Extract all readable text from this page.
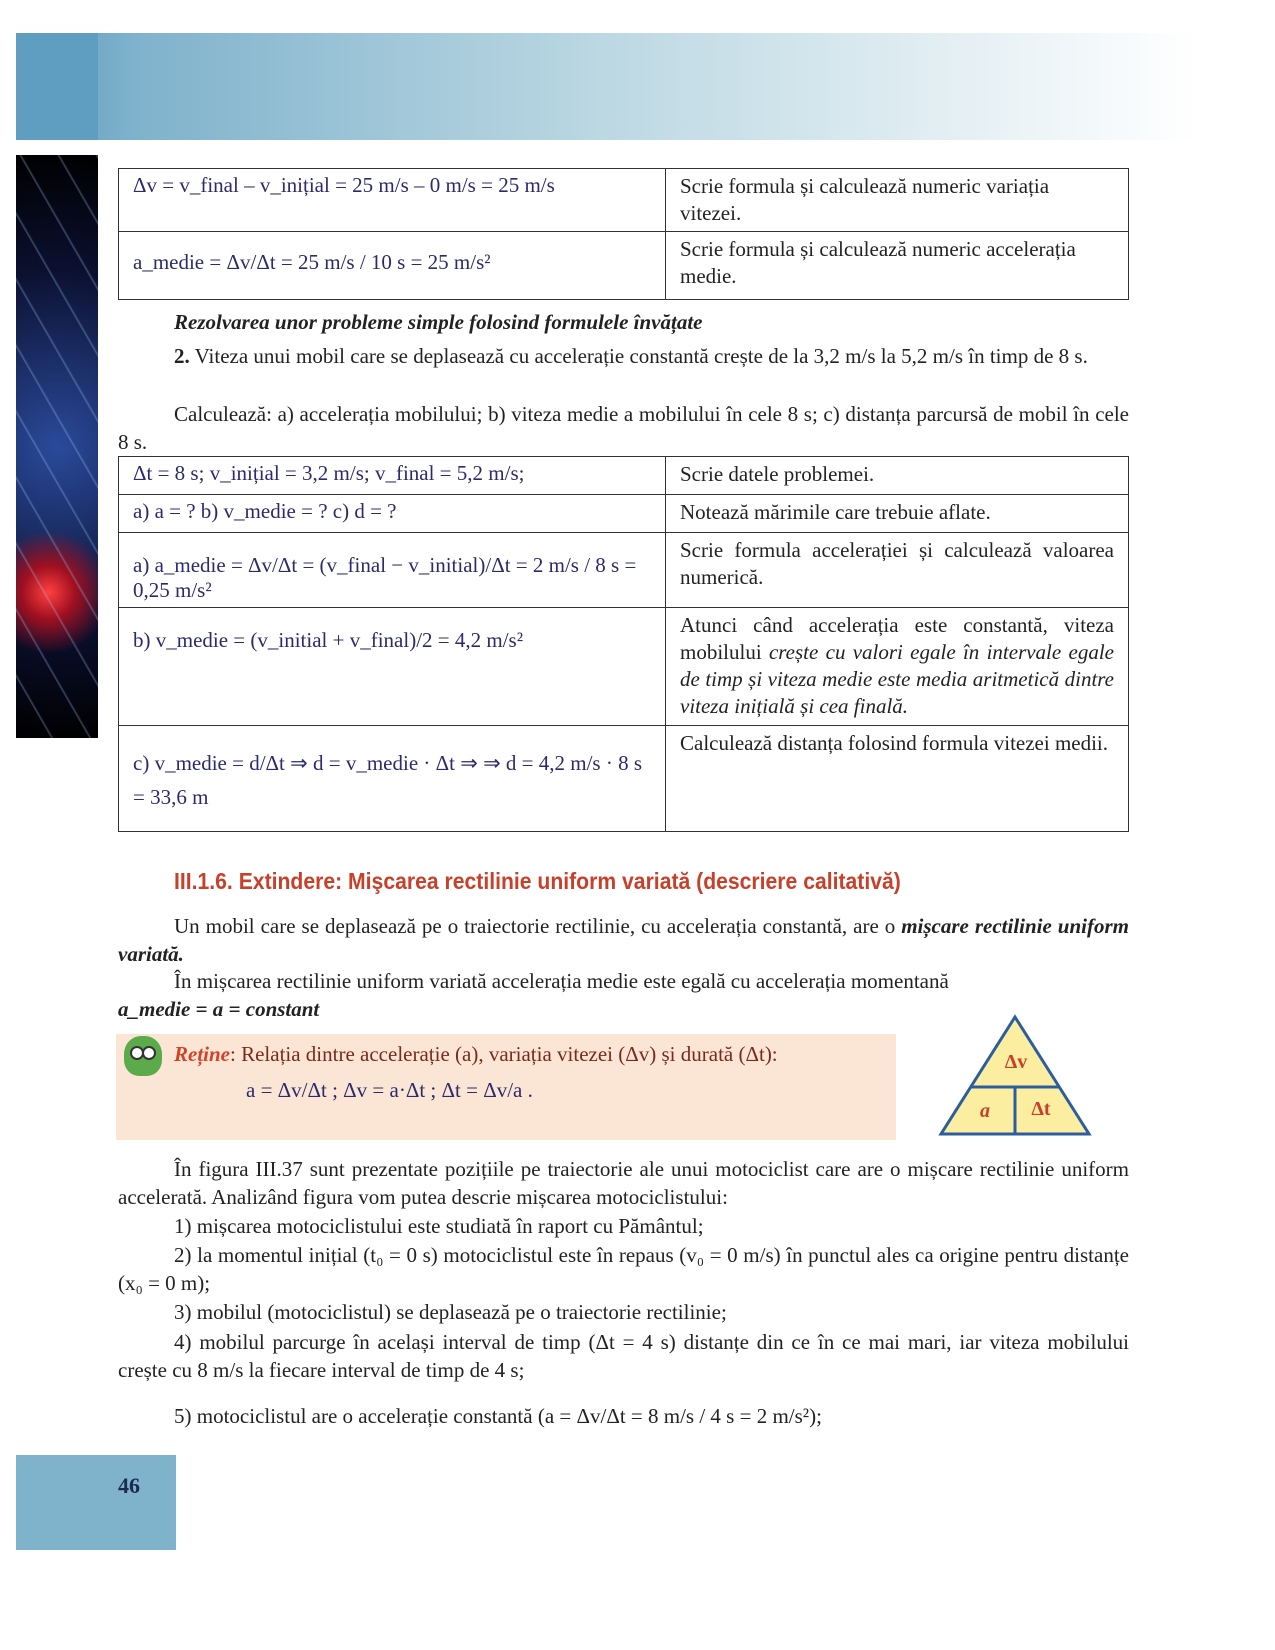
Δv = v_final – v_inițial = 25 m/s – 0 m/s = 25 m/s	Scrie formula și calculează numeric variația vitezei.
a_medie = Δv/Δt = 25 m/s / 10 s = 25 m/s²	Scrie formula și calculează numeric accelerația medie.
Rezolvarea unor probleme simple folosind formulele învățate
2. Viteza unui mobil care se deplasează cu accelerație constantă crește de la 3,2 m/s la 5,2 m/s în timp de 8 s.
Calculează: a) accelerația mobilului; b) viteza medie a mobilului în cele 8 s; c) distanța parcursă de mobil în cele 8 s.
Δt = 8 s; v_inițial = 3,2 m/s; v_final = 5,2 m/s;	Scrie datele problemei.
a) a = ? b) v_medie = ? c) d = ?	Notează mărimile care trebuie aflate.
a) a_medie = Δv/Δt = (v_final − v_initial)/Δt = 2 m/s / 8 s = 0,25 m/s²	Scrie formula accelerației și calculează valoarea numerică.
b) v_medie = (v_initial + v_final)/2 = 4,2 m/s²	Atunci când accelerația este constantă, viteza mobilului crește cu valori egale în intervale egale de timp și viteza medie este media aritmetică dintre viteza inițială și cea finală.
c) v_medie = d/Δt ⇒ d = v_medie · Δt ⇒ ⇒ d = 4,2 m/s · 8 s = 33,6 m	Calculează distanța folosind formula vitezei medii.
III.1.6. Extindere: Mişcarea rectilinie uniform variată (descriere calitativă)
Un mobil care se deplasează pe o traiectorie rectilinie, cu accelerația constantă, are o mișcare rectilinie uniform variată.
În mișcarea rectilinie uniform variată accelerația medie este egală cu accelerația momentană
a_medie = a = constant
Reține: Relația dintre accelerație (a), variația vitezei (Δv) și durată (Δt):
a = Δv/Δt ; Δv = a·Δt ; Δt = Δv/a .
Δv
a Δt
În figura III.37 sunt prezentate pozițiile pe traiectorie ale unui motociclist care are o mișcare rectilinie uniform accelerată. Analizând figura vom putea descrie mișcarea motociclistului:
1) mișcarea motociclistului este studiată în raport cu Pământul;
2) la momentul inițial (t₀ = 0 s) motociclistul este în repaus (v₀ = 0 m/s) în punctul ales ca origine pentru distanțe (x₀ = 0 m);
3) mobilul (motociclistul) se deplasează pe o traiectorie rectilinie;
4) mobilul parcurge în același interval de timp (Δt = 4 s) distanțe din ce în ce mai mari, iar viteza mobilului crește cu 8 m/s la fiecare interval de timp de 4 s;
5) motociclistul are o accelerație constantă (a = Δv/Δt = 8 m/s / 4 s = 2 m/s²);
46
